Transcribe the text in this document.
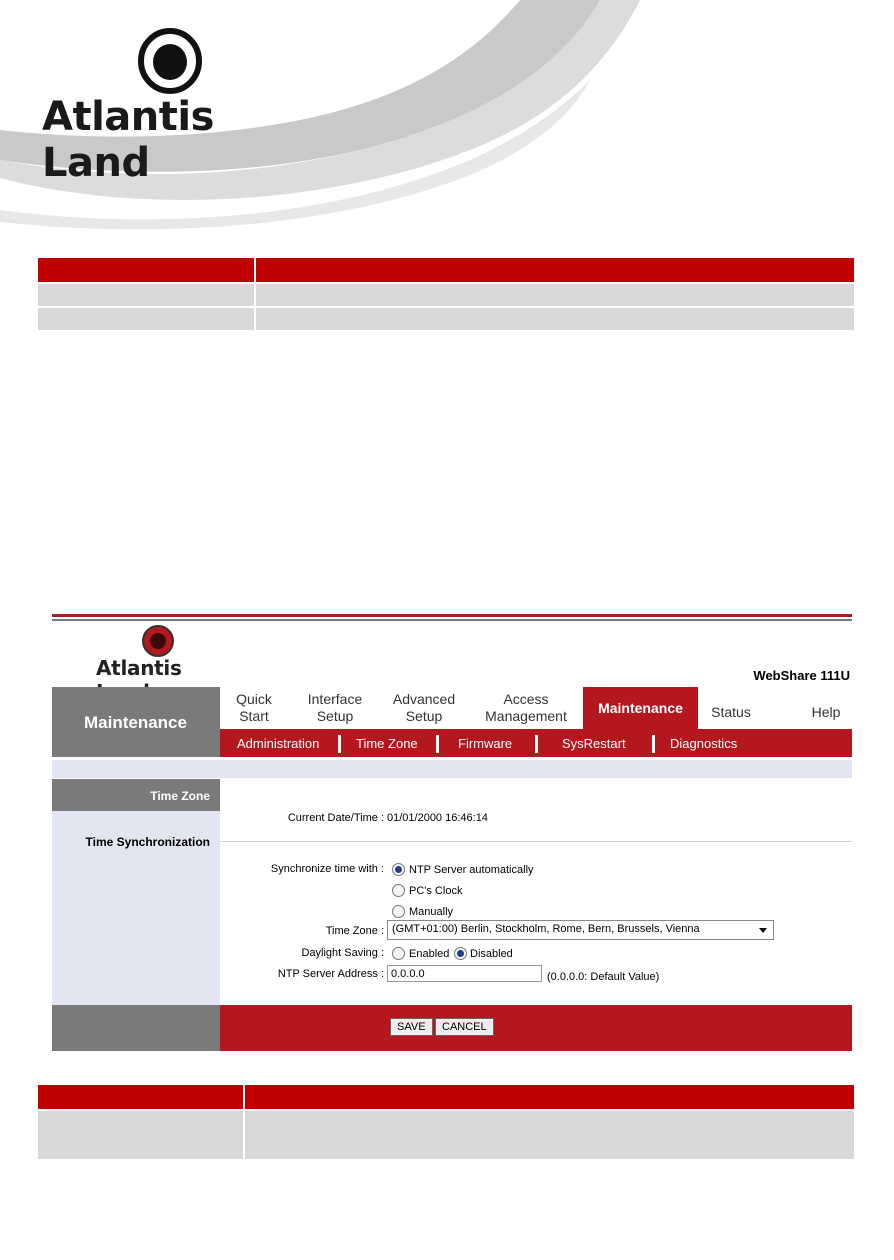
Atlantis Land

Atlantis	WebShare 111U
Maintenance
Quick
Start
Interface
Setup
Advanced
Setup
Access
Management	Maintenance	Status	Help
Administration	Time Zone	Firmware	SysRestart	Diagnostics
Time Zone
Time Synchronization
Current Date/Time : 01/01/2000 16:46:14
Synchronize time with : NTP Server automatically
PC's Clock
Manually
Time Zone : (GMT+01:00) Berlin, Stockholm, Rome, Bern, Brussels, Vienna
Daylight Saving : Enabled Disabled
NTP Server Address :
0.0.0.0	(0.0.0.0: Default Value)
SAVE	CANCEL
